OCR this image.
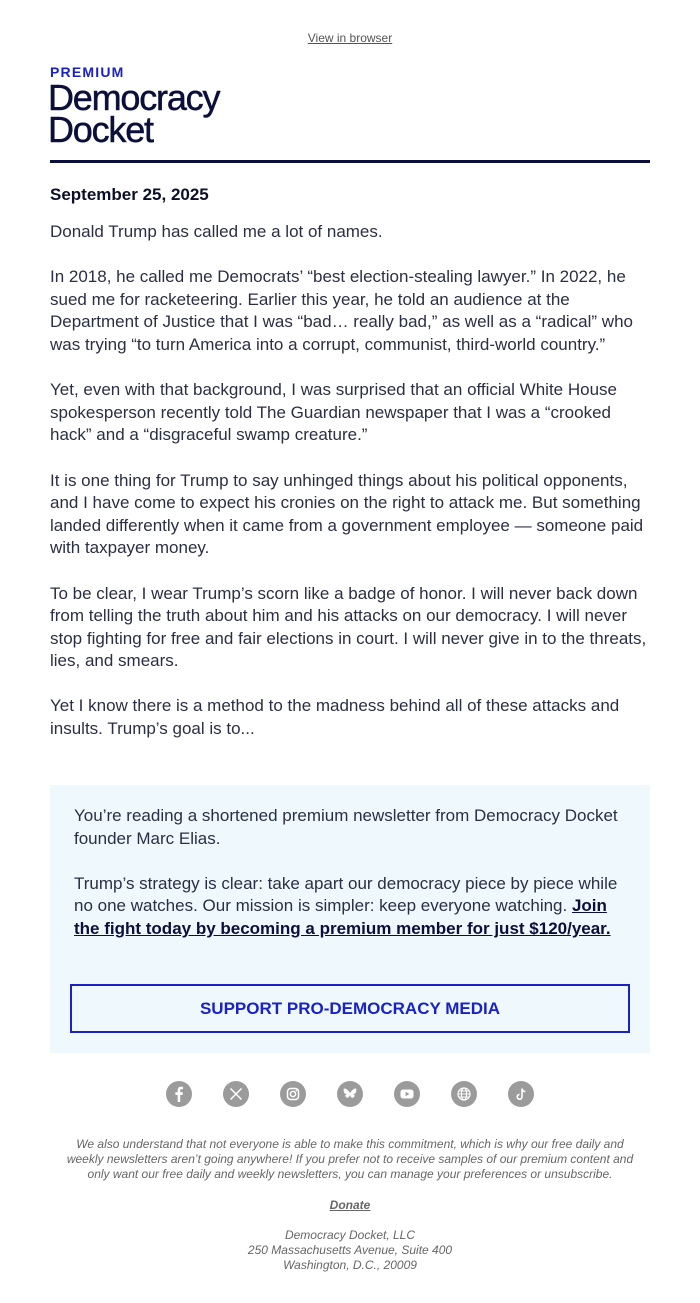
View in browser
PREMIUM
Democracy
Docket
September 25, 2025

Donald Trump has called me a lot of names.

In 2018, he called me Democrats’ “best election-stealing lawyer.” In 2022, he sued me for racketeering. Earlier this year, he told an audience at the Department of Justice that I was “bad… really bad,” as well as a “radical” who was trying “to turn America into a corrupt, communist, third-world country.”

Yet, even with that background, I was surprised that an official White House spokesperson recently told The Guardian newspaper that I was a “crooked hack” and a “disgraceful swamp creature.”

It is one thing for Trump to say unhinged things about his political opponents, and I have come to expect his cronies on the right to attack me. But something landed differently when it came from a government employee — someone paid with taxpayer money.

To be clear, I wear Trump’s scorn like a badge of honor. I will never back down from telling the truth about him and his attacks on our democracy. I will never stop fighting for free and fair elections in court. I will never give in to the threats, lies, and smears.

Yet I know there is a method to the madness behind all of these attacks and insults. Trump’s goal is to...

You’re reading a shortened premium newsletter from Democracy Docket founder Marc Elias.

Trump’s strategy is clear: take apart our democracy piece by piece while no one watches. Our mission is simpler: keep everyone watching. Join the fight today by becoming a premium member for just $120/year.

SUPPORT PRO-DEMOCRACY MEDIA
We also understand that not everyone is able to make this commitment, which is why our free daily and weekly newsletters aren’t going anywhere! If you prefer not to receive samples of our premium content and only want our free daily and weekly newsletters, you can manage your preferences or unsubscribe.
Donate
Democracy Docket, LLC
250 Massachusetts Avenue, Suite 400
Washington, D.C., 20009
